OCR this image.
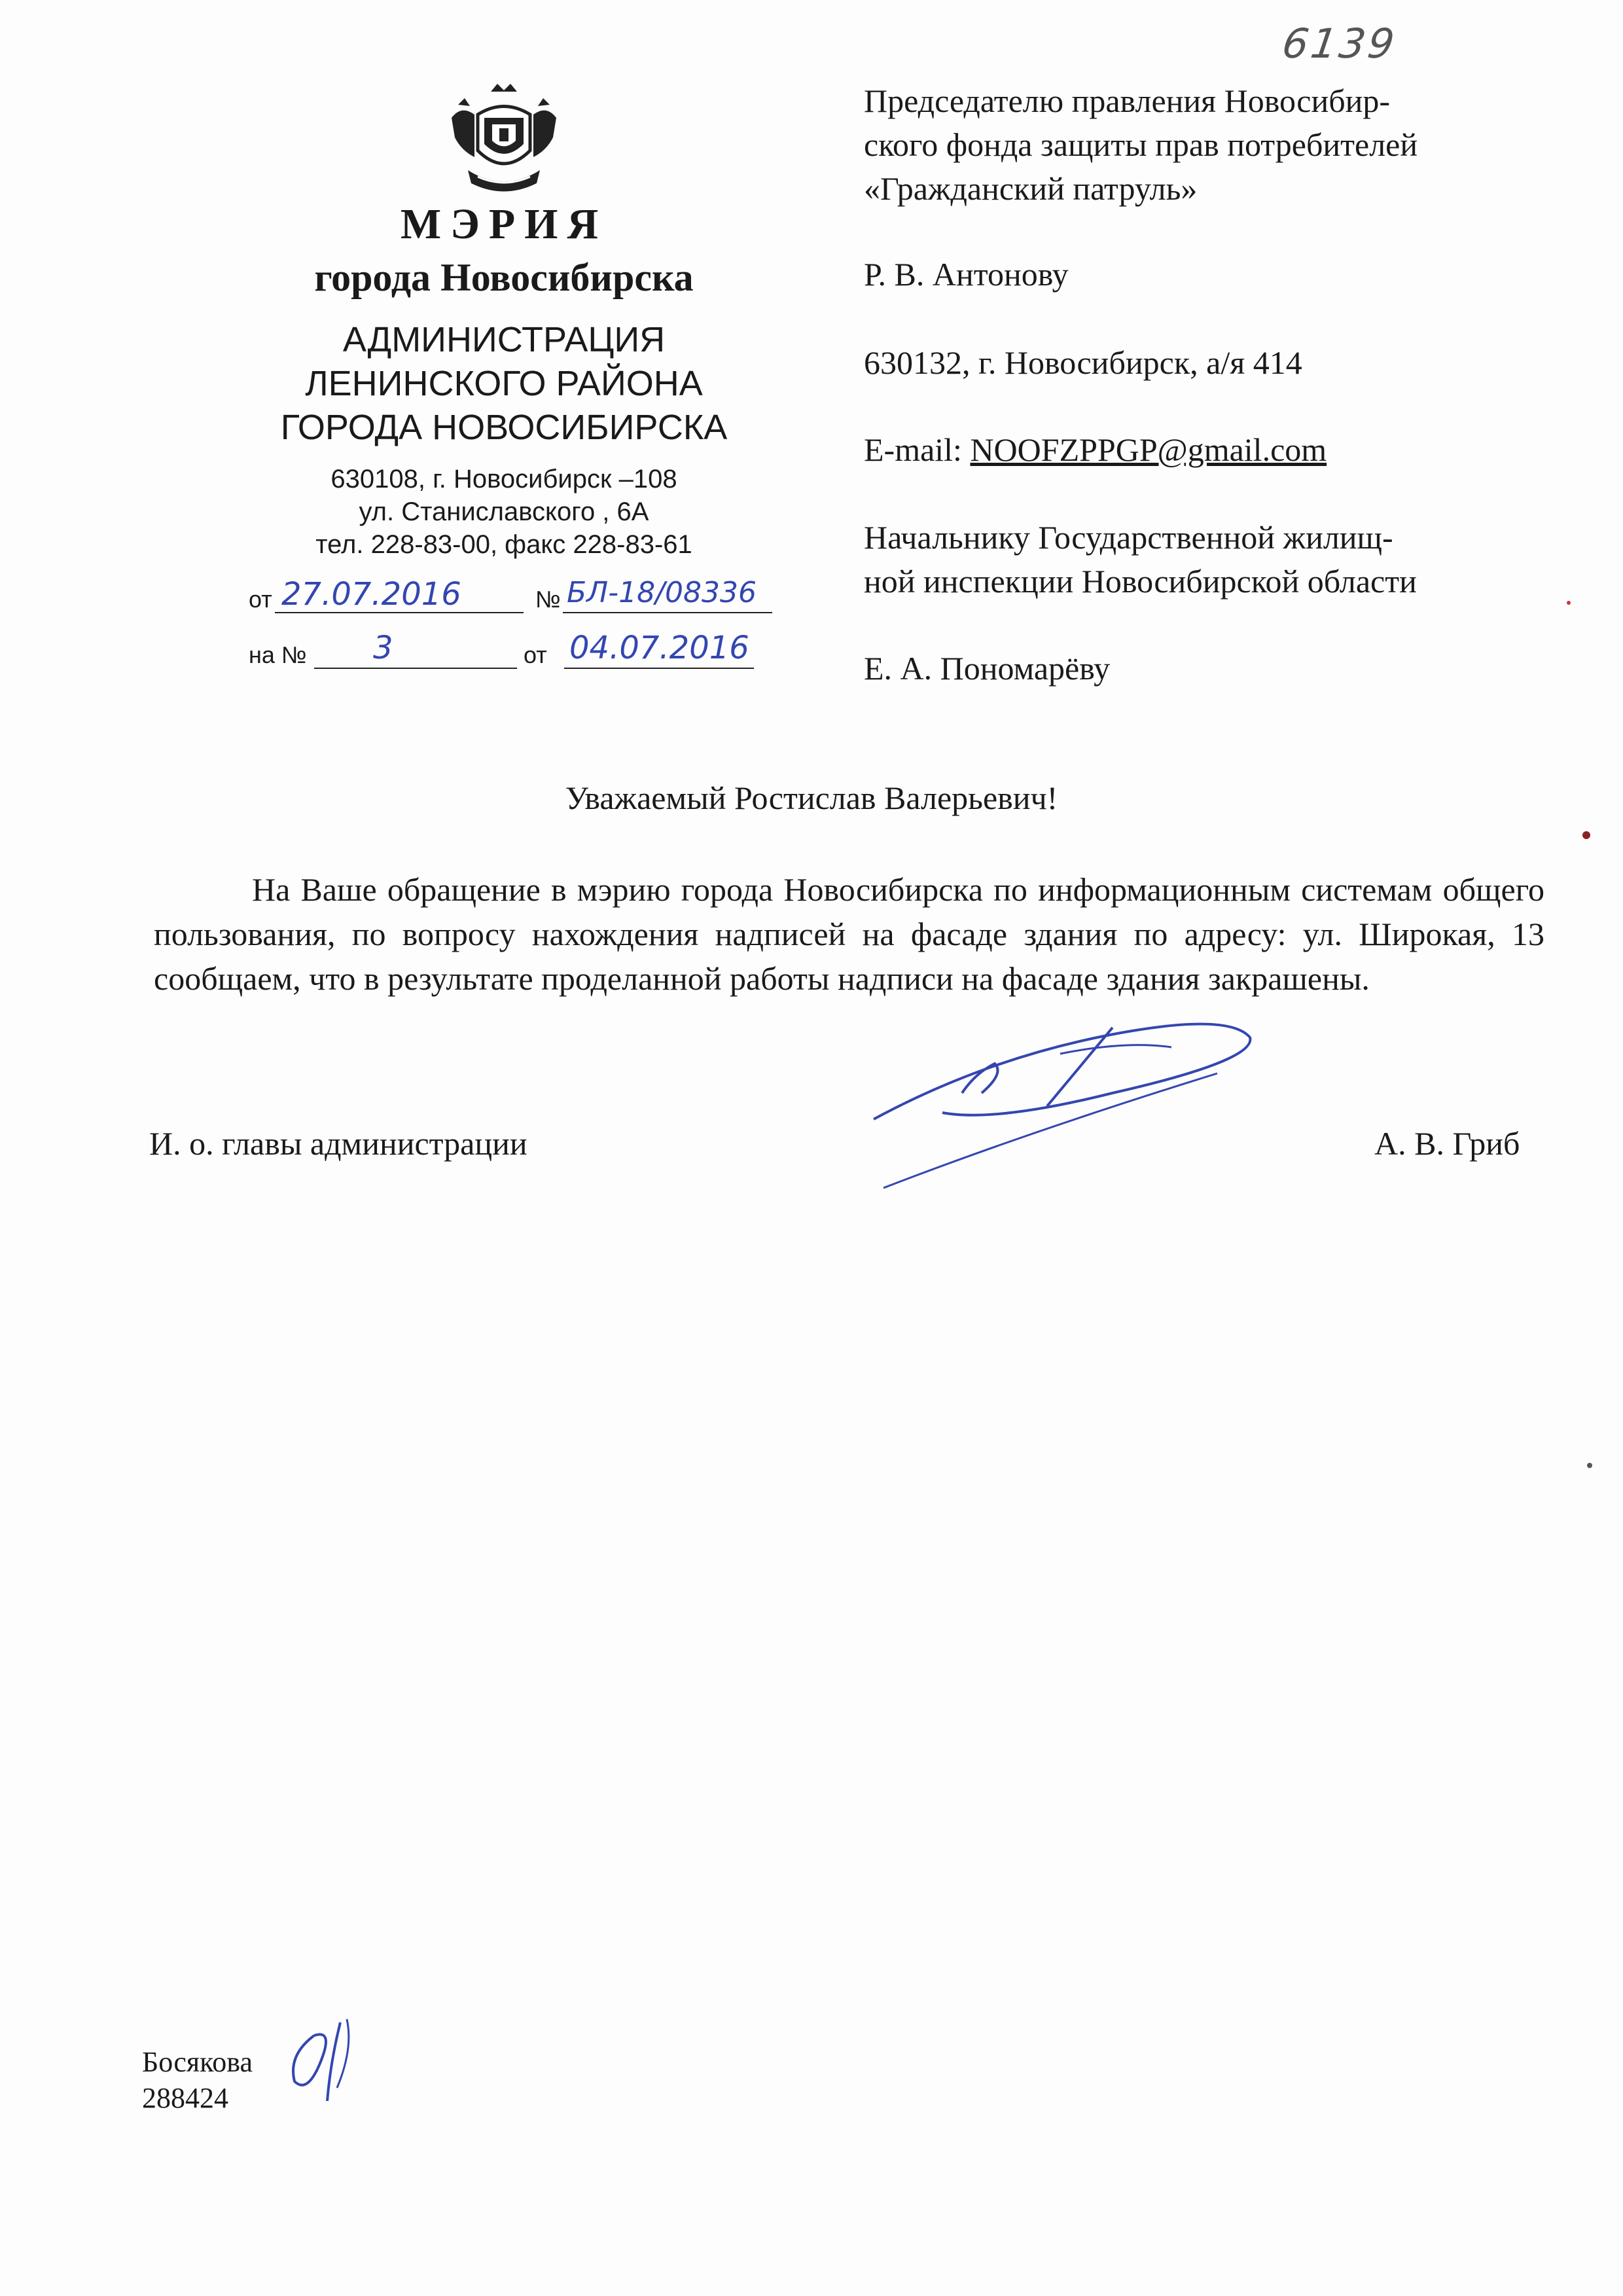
6139
МЭРИЯ
города Новосибирска
АДМИНИСТРАЦИЯ
ЛЕНИНСКОГО РАЙОНА
ГОРОДА НОВОСИБИРСКА
630108, г. Новосибирск –108
ул. Станиславского , 6А
тел. 228-83-00, факс 228-83-61
от 27.07.2016	№ БЛ-18/08336
на № 3	от 04.07.2016
Председателю правления Новосибир-
ского фонда защиты прав потребителей
«Гражданский патруль»
Р. В. Антонову
630132, г. Новосибирск, а/я 414
E-mail: NOOFZPPGP@gmail.com
Начальнику Государственной жилищ-
ной инспекции Новосибирской области
Е. А. Пономарёву
Уважаемый Ростислав Валерьевич!
На Ваше обращение в мэрию города Новосибирска по информационным системам общего пользования, по вопросу нахождения надписей на фасаде здания по адресу: ул. Широкая, 13 сообщаем, что в результате проделанной работы надписи на фасаде здания закрашены.
И. о. главы администрации	А. В. Гриб
Босякова
288424
